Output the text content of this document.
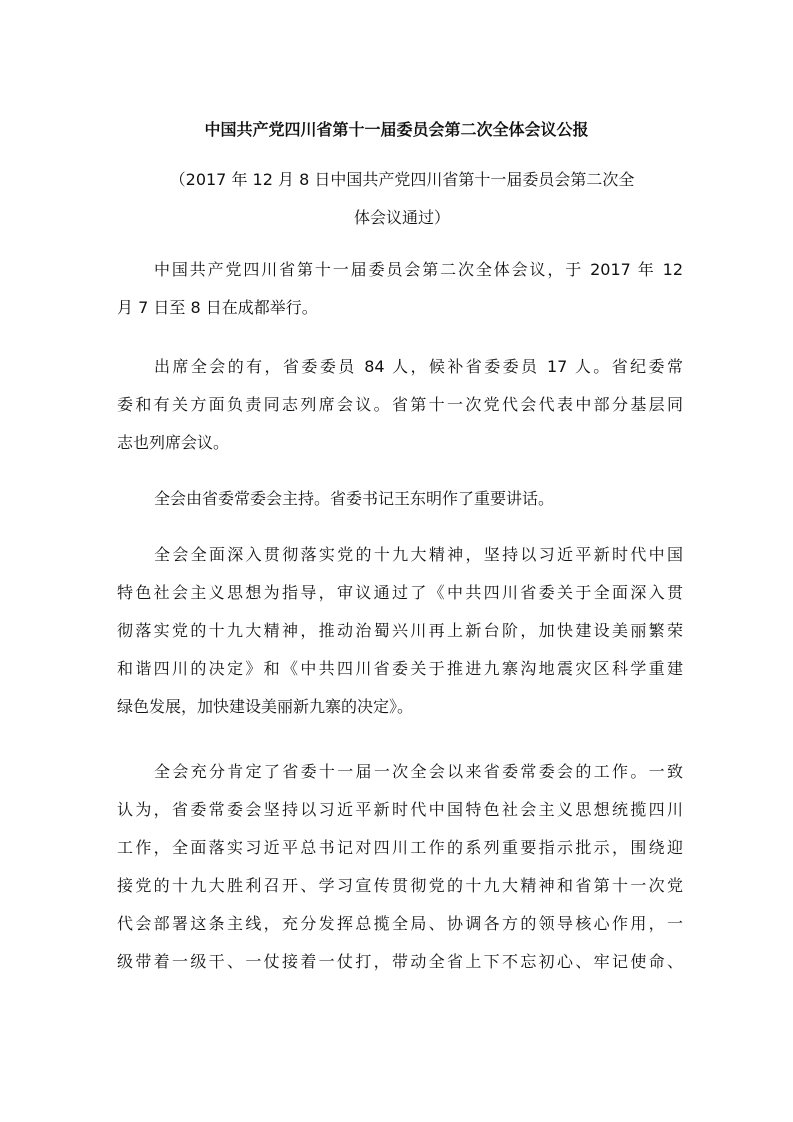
中国共产党四川省第十一届委员会第二次全体会议公报
（2017 年 12 月 8 日中国共产党四川省第十一届委员会第二次全
体会议通过）
中国共产党四川省第十一届委员会第二次全体会议，于 2017 年 12
月 7 日至 8 日在成都举行。
出席全会的有，省委委员 84 人，候补省委委员 17 人。省纪委常
委和有关方面负责同志列席会议。省第十一次党代会代表中部分基层同
志也列席会议。
全会由省委常委会主持。省委书记王东明作了重要讲话。
全会全面深入贯彻落实党的十九大精神，坚持以习近平新时代中国
特色社会主义思想为指导，审议通过了《中共四川省委关于全面深入贯
彻落实党的十九大精神，推动治蜀兴川再上新台阶，加快建设美丽繁荣
和谐四川的决定》和《中共四川省委关于推进九寨沟地震灾区科学重建
绿色发展，加快建设美丽新九寨的决定》。
全会充分肯定了省委十一届一次全会以来省委常委会的工作。一致
认为，省委常委会坚持以习近平新时代中国特色社会主义思想统揽四川
工作，全面落实习近平总书记对四川工作的系列重要指示批示，围绕迎
接党的十九大胜利召开、学习宣传贯彻党的十九大精神和省第十一次党
代会部署这条主线，充分发挥总揽全局、协调各方的领导核心作用，一
级带着一级干、一仗接着一仗打，带动全省上下不忘初心、牢记使命、
